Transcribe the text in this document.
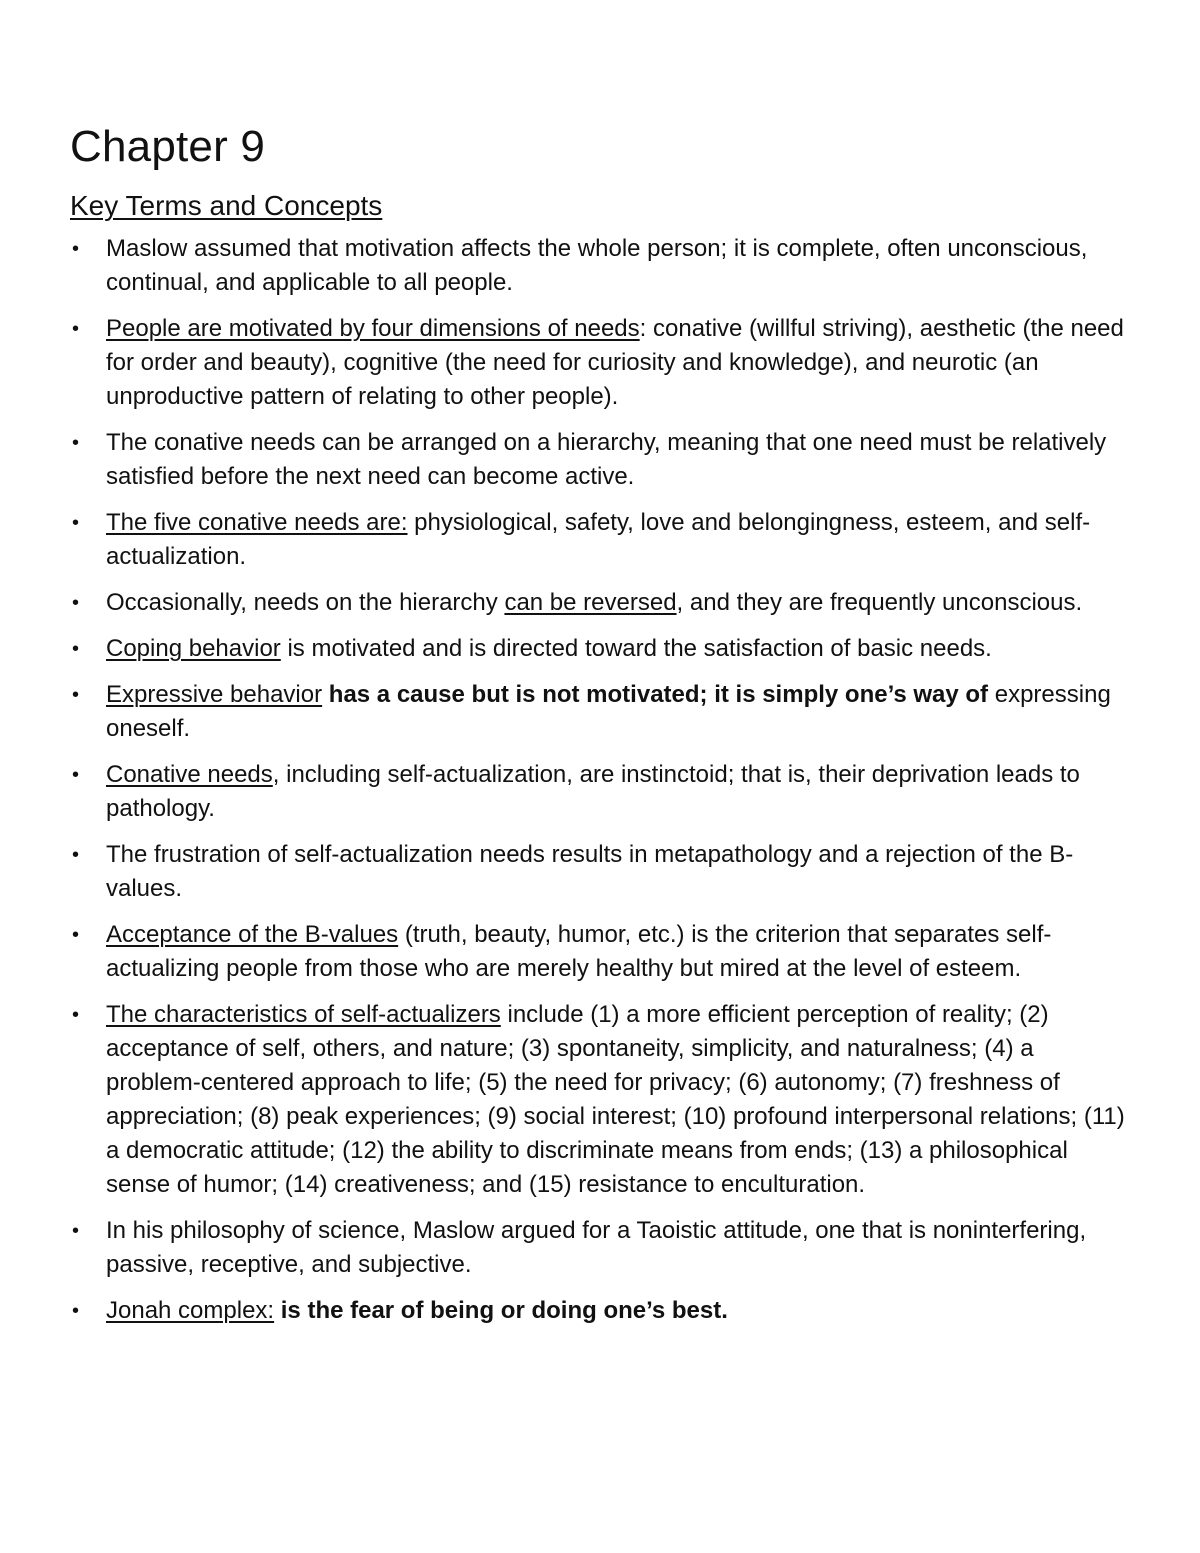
Chapter 9
Key Terms and Concepts
• Maslow assumed that motivation affects the whole person; it is complete, often unconscious, continual, and applicable to all people.
• People are motivated by four dimensions of needs: conative (willful striving), aesthetic (the need for order and beauty), cognitive (the need for curiosity and knowledge), and neurotic (an unproductive pattern of relating to other people).
• The conative needs can be arranged on a hierarchy, meaning that one need must be relatively satisfied before the next need can become active.
• The five conative needs are: physiological, safety, love and belongingness, esteem, and self-actualization.
• Occasionally, needs on the hierarchy can be reversed, and they are frequently unconscious.
• Coping behavior is motivated and is directed toward the satisfaction of basic needs.
• Expressive behavior has a cause but is not motivated; it is simply one’s way of expressing oneself.
• Conative needs, including self-actualization, are instinctoid; that is, their deprivation leads to pathology.
• The frustration of self-actualization needs results in metapathology and a rejection of the B-values.
• Acceptance of the B-values (truth, beauty, humor, etc.) is the criterion that separates self-actualizing people from those who are merely healthy but mired at the level of esteem.
• The characteristics of self-actualizers include (1) a more efficient perception of reality; (2) acceptance of self, others, and nature; (3) spontaneity, simplicity, and naturalness; (4) a problem-centered approach to life; (5) the need for privacy; (6) autonomy; (7) freshness of appreciation; (8) peak experiences; (9) social interest; (10) profound interpersonal relations; (11) a democratic attitude; (12) the ability to discriminate means from ends; (13) a philosophical sense of humor; (14) creativeness; and (15) resistance to enculturation.
• In his philosophy of science, Maslow argued for a Taoistic attitude, one that is noninterfering, passive, receptive, and subjective.
• Jonah complex: is the fear of being or doing one’s best.
